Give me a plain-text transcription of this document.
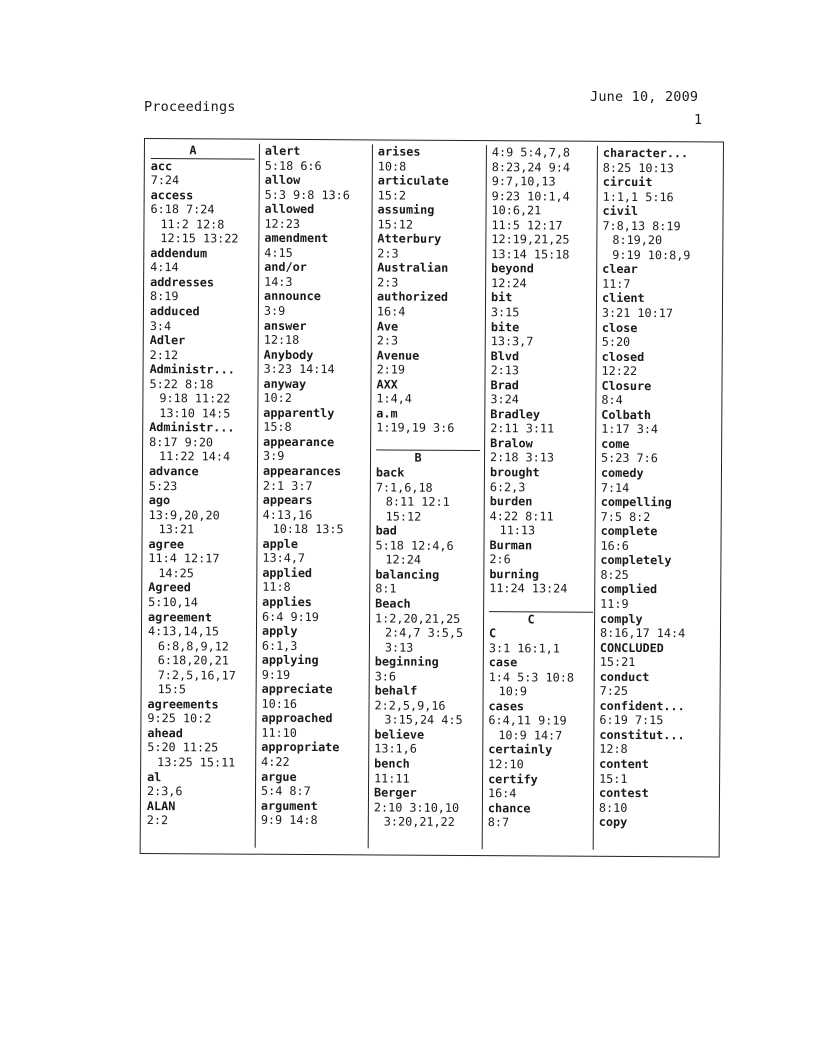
Proceedings
June 10, 2009
1
A
acc
7:24
access
6:18 7:24
11:2 12:8
12:15 13:22
addendum
4:14
addresses
8:19
adduced
3:4
Adler
2:12
Administr...
5:22 8:18
9:18 11:22
13:10 14:5
Administr...
8:17 9:20
11:22 14:4
advance
5:23
ago
13:9,20,20
13:21
agree
11:4 12:17
14:25
Agreed
5:10,14
agreement
4:13,14,15
6:8,8,9,12
6:18,20,21
7:2,5,16,17
15:5
agreements
9:25 10:2
ahead
5:20 11:25
13:25 15:11
al
2:3,6
ALAN
2:2
alert
5:18 6:6
allow
5:3 9:8 13:6
allowed
12:23
amendment
4:15
and/or
14:3
announce
3:9
answer
12:18
Anybody
3:23 14:14
anyway
10:2
apparently
15:8
appearance
3:9
appearances
2:1 3:7
appears
4:13,16
10:18 13:5
apple
13:4,7
applied
11:8
applies
6:4 9:19
apply
6:1,3
applying
9:19
appreciate
10:16
approached
11:10
appropriate
4:22
argue
5:4 8:7
argument
9:9 14:8
arises
10:8
articulate
15:2
assuming
15:12
Atterbury
2:3
Australian
2:3
authorized
16:4
Ave
2:3
Avenue
2:19
AXX
1:4,4
a.m
1:19,19 3:6
B
back
7:1,6,18
8:11 12:1
15:12
bad
5:18 12:4,6
12:24
balancing
8:1
Beach
1:2,20,21,25
2:4,7 3:5,5
3:13
beginning
3:6
behalf
2:2,5,9,16
3:15,24 4:5
believe
13:1,6
bench
11:11
Berger
2:10 3:10,10
3:20,21,22
4:9 5:4,7,8
8:23,24 9:4
9:7,10,13
9:23 10:1,4
10:6,21
11:5 12:17
12:19,21,25
13:14 15:18
beyond
12:24
bit
3:15
bite
13:3,7
Blvd
2:13
Brad
3:24
Bradley
2:11 3:11
Bralow
2:18 3:13
brought
6:2,3
burden
4:22 8:11
11:13
Burman
2:6
burning
11:24 13:24
C
C
3:1 16:1,1
case
1:4 5:3 10:8
10:9
cases
6:4,11 9:19
10:9 14:7
certainly
12:10
certify
16:4
chance
8:7
character...
8:25 10:13
circuit
1:1,1 5:16
civil
7:8,13 8:19
8:19,20
9:19 10:8,9
clear
11:7
client
3:21 10:17
close
5:20
closed
12:22
Closure
8:4
Colbath
1:17 3:4
come
5:23 7:6
comedy
7:14
compelling
7:5 8:2
complete
16:6
completely
8:25
complied
11:9
comply
8:16,17 14:4
CONCLUDED
15:21
conduct
7:25
confident...
6:19 7:15
constitut...
12:8
content
15:1
contest
8:10
copy
